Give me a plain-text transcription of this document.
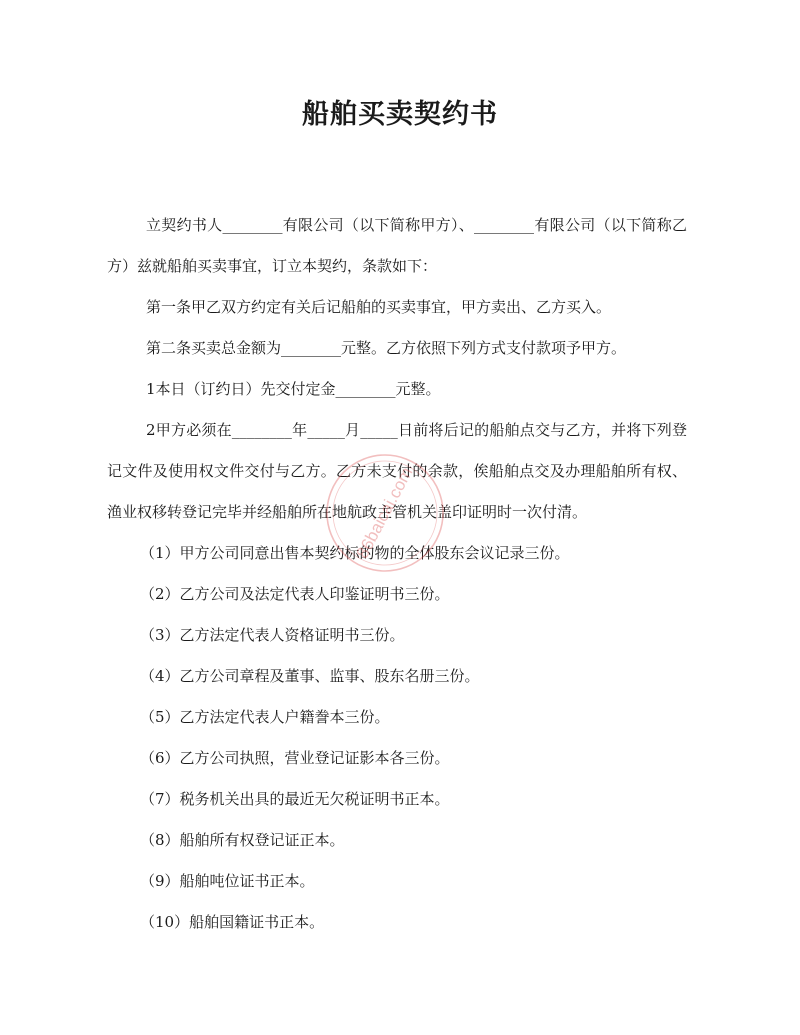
船舶买卖契约书

立契约书人________有限公司（以下简称甲方）、________有限公司（以下简称乙方）兹就船舶买卖事宜，订立本契约，条款如下：

第一条甲乙双方约定有关后记船舶的买卖事宜，甲方卖出、乙方买入。

第二条买卖总金额为________元整。乙方依照下列方式支付款项予甲方。

1本日（订约日）先交付定金________元整。

2甲方必须在________年_____月_____日前将后记的船舶点交与乙方，并将下列登记文件及使用权文件交付与乙方。乙方未支付的余款，俟船舶点交及办理船舶所有权、渔业权移转登记完毕并经船舶所在地航政主管机关盖印证明时一次付清。

（1）甲方公司同意出售本契约标的物的全体股东会议记录三份。

（2）乙方公司及法定代表人印鉴证明书三份。

（3）乙方法定代表人资格证明书三份。

（4）乙方公司章程及董事、监事、股东名册三份。

（5）乙方法定代表人户籍誊本三份。

（6）乙方公司执照，营业登记证影本各三份。

（7）税务机关出具的最近无欠税证明书正本。

（8）船舶所有权登记证正本。

（9）船舶吨位证书正本。

（10）船舶国籍证书正本。

86baicai.com
